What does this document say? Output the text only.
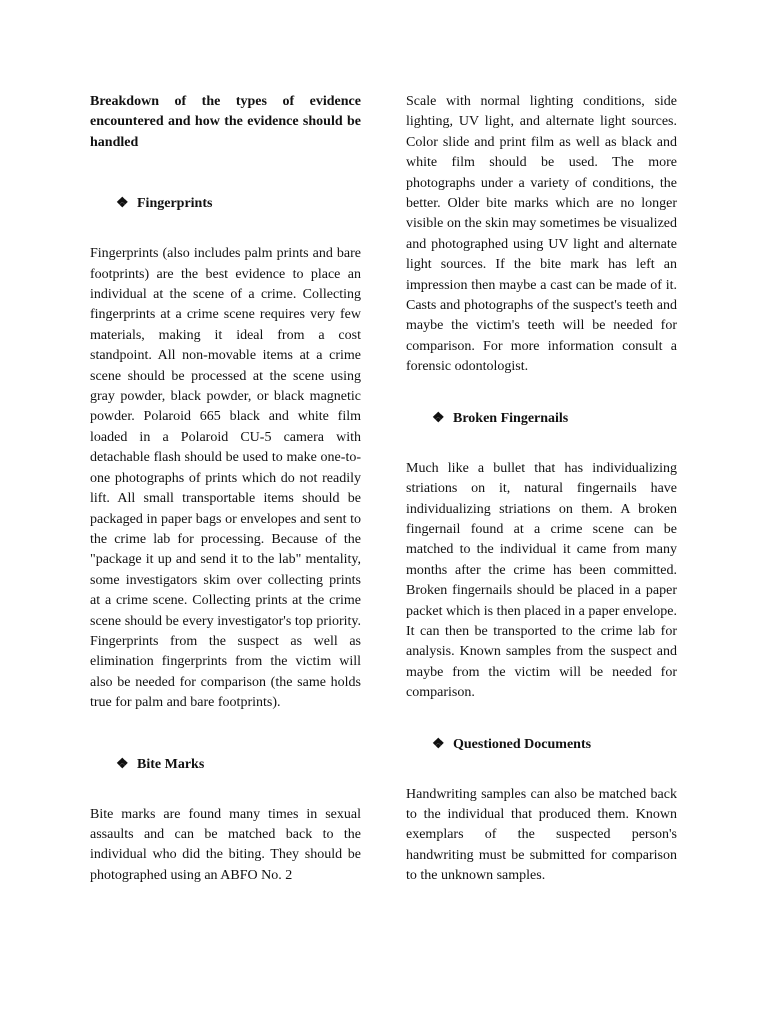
Breakdown of the types of evidence encountered and how the evidence should be handled
❖ Fingerprints

Fingerprints (also includes palm prints and bare footprints) are the best evidence to place an individual at the scene of a crime. Collecting fingerprints at a crime scene requires very few materials, making it ideal from a cost standpoint. All non-movable items at a crime scene should be processed at the scene using gray powder, black powder, or black magnetic powder. Polaroid 665 black and white film loaded in a Polaroid CU-5 camera with detachable flash should be used to make one-to-one photographs of prints which do not readily lift. All small transportable items should be packaged in paper bags or envelopes and sent to the crime lab for processing. Because of the "package it up and send it to the lab" mentality, some investigators skim over collecting prints at a crime scene. Collecting prints at the crime scene should be every investigator's top priority. Fingerprints from the suspect as well as elimination fingerprints from the victim will also be needed for comparison (the same holds true for palm and bare footprints).

❖ Bite Marks

Bite marks are found many times in sexual assaults and can be matched back to the individual who did the biting. They should be photographed using an ABFO No. 2

Scale with normal lighting conditions, side lighting, UV light, and alternate light sources. Color slide and print film as well as black and white film should be used. The more photographs under a variety of conditions, the better. Older bite marks which are no longer visible on the skin may sometimes be visualized and photographed using UV light and alternate light sources. If the bite mark has left an impression then maybe a cast can be made of it. Casts and photographs of the suspect's teeth and maybe the victim's teeth will be needed for comparison. For more information consult a forensic odontologist.

❖ Broken Fingernails

Much like a bullet that has individualizing striations on it, natural fingernails have individualizing striations on them. A broken fingernail found at a crime scene can be matched to the individual it came from many months after the crime has been committed. Broken fingernails should be placed in a paper packet which is then placed in a paper envelope. It can then be transported to the crime lab for analysis. Known samples from the suspect and maybe from the victim will be needed for comparison.

❖ Questioned Documents

Handwriting samples can also be matched back to the individual that produced them. Known exemplars of the suspected person's handwriting must be submitted for comparison to the unknown samples.
